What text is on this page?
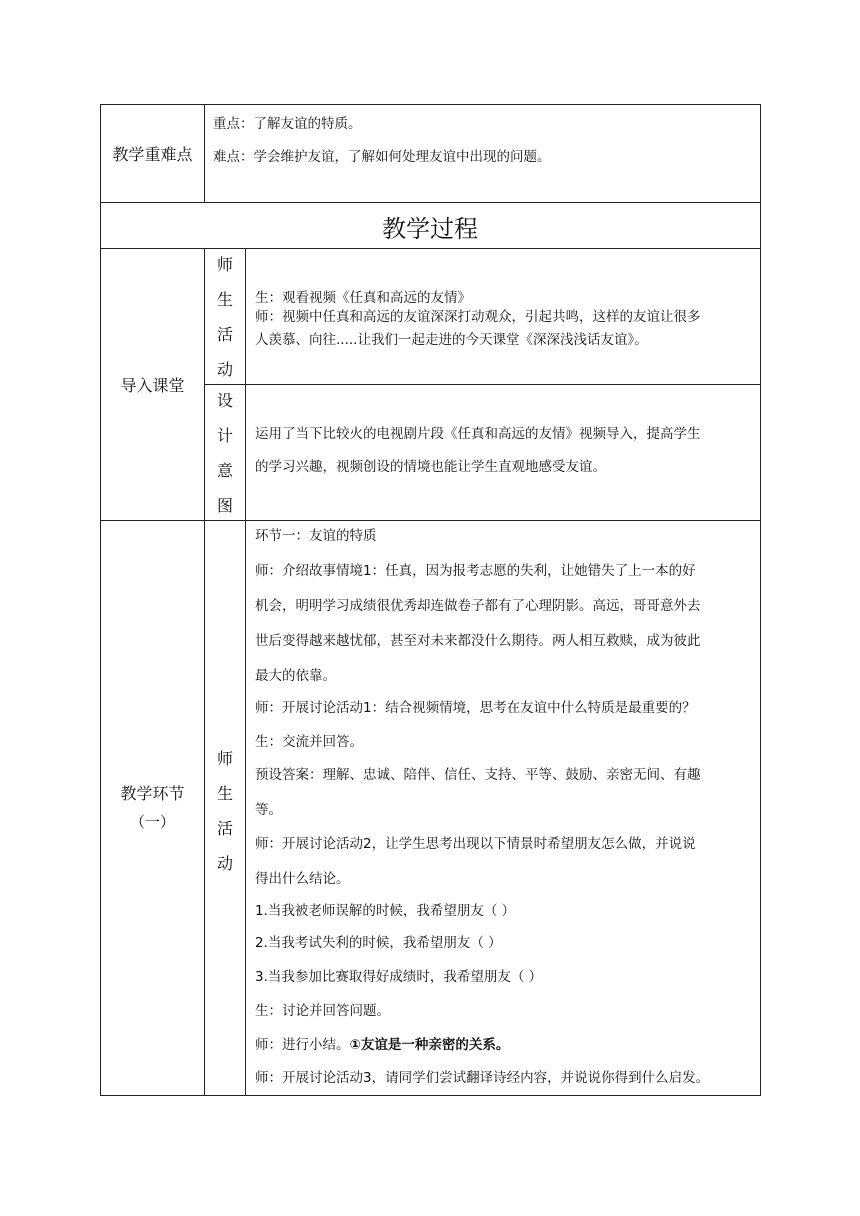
教学重难点
重点：了解友谊的特质。
难点：学会维护友谊，了解如何处理友谊中出现的问题。
教学过程
导入课堂
师
生
活
动
生：观看视频《任真和高远的友情》
师：视频中任真和高远的友谊深深打动观众，引起共鸣，这样的友谊让很多
人羡慕、向往.....让我们一起走进的今天课堂《深深浅浅话友谊》。
设
计
意
图
运用了当下比较火的电视剧片段《任真和高远的友情》视频导入，提高学生
的学习兴趣，视频创设的情境也能让学生直观地感受友谊。
教学环节
（一）
师
生
活
动
环节一：友谊的特质
师：介绍故事情境1：任真，因为报考志愿的失利，让她错失了上一本的好
机会，明明学习成绩很优秀却连做卷子都有了心理阴影。高远，哥哥意外去
世后变得越来越忧郁，甚至对未来都没什么期待。两人相互救赎，成为彼此
最大的依靠。
师：开展讨论活动1：结合视频情境，思考在友谊中什么特质是最重要的？
生：交流并回答。
预设答案：理解、忠诚、陪伴、信任、支持、平等、鼓励、亲密无间、有趣
等。
师：开展讨论活动2，让学生思考出现以下情景时希望朋友怎么做，并说说
得出什么结论。
1.当我被老师误解的时候，我希望朋友（ ）
2.当我考试失利的时候，我希望朋友（ ）
3.当我参加比赛取得好成绩时，我希望朋友（ ）
生：讨论并回答问题。
师：进行小结。①友谊是一种亲密的关系。
师：开展讨论活动3，请同学们尝试翻译诗经内容，并说说你得到什么启发。
